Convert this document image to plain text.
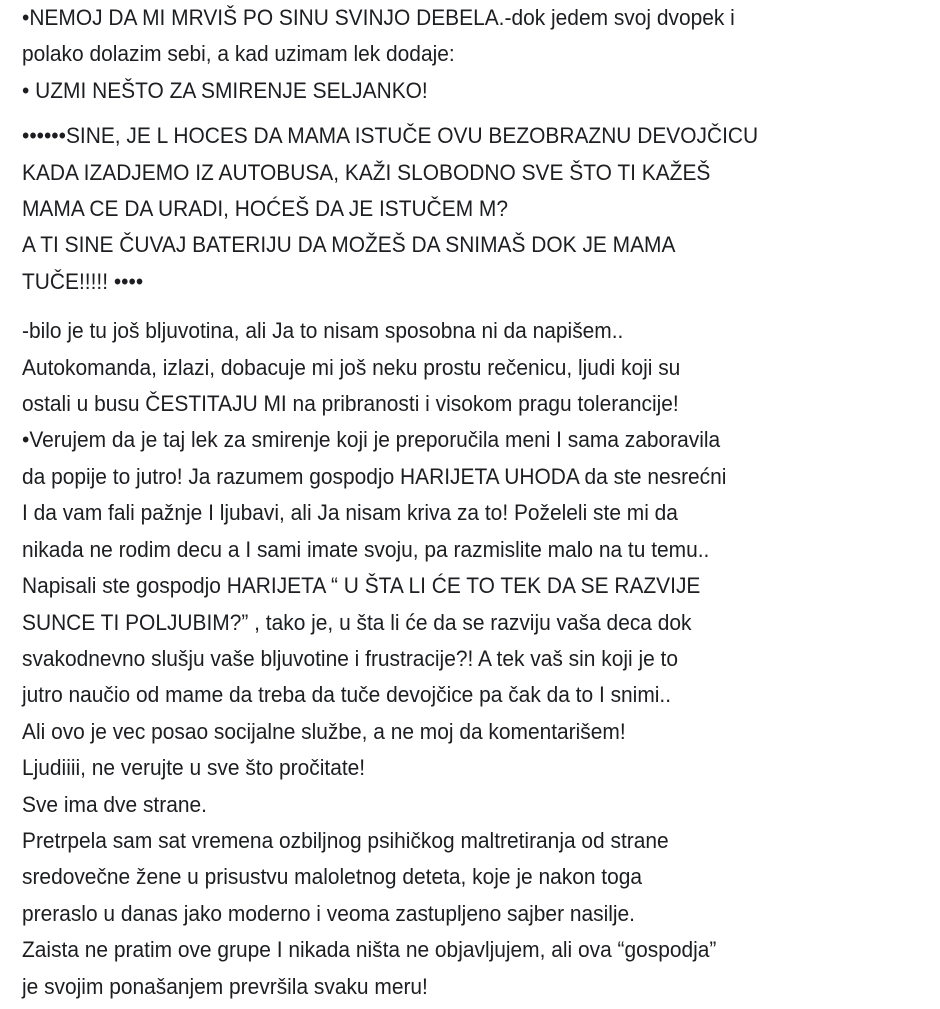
•NEMOJ DA MI MRVIŠ PO SINU SVINJO DEBELA.-dok jedem svoj dvopek i
polako dolazim sebi, a kad uzimam lek dodaje:
• UZMI NEŠTO ZA SMIRENJE SELJANKO!
••••••SINE, JE L HOCES DA MAMA ISTUČE OVU BEZOBRAZNU DEVOJČICU
KADA IZADJEMO IZ AUTOBUSA, KAŽI SLOBODNO SVE ŠTO TI KAŽEŠ
MAMA CE DA URADI, HOĆEŠ DA JE ISTUČEM M?
A TI SINE ČUVAJ BATERIJU DA MOŽEŠ DA SNIMAŠ DOK JE MAMA
TUČE!!!!! ••••
-bilo je tu još bljuvotina, ali Ja to nisam sposobna ni da napišem..
Autokomanda, izlazi, dobacuje mi još neku prostu rečenicu, ljudi koji su
ostali u busu ČESTITAJU MI na pribranosti i visokom pragu tolerancije!
•Verujem da je taj lek za smirenje koji je preporučila meni I sama zaboravila
da popije to jutro! Ja razumem gospodjo HARIJETA UHODA da ste nesrećni
I da vam fali pažnje I ljubavi, ali Ja nisam kriva za to! Poželeli ste mi da
nikada ne rodim decu a I sami imate svoju, pa razmislite malo na tu temu..
Napisali ste gospodjo HARIJETA “ U ŠTA LI ĆE TO TEK DA SE RAZVIJE
SUNCE TI POLJUBIM?” , tako je, u šta li će da se razviju vaša deca dok
svakodnevno slušju vaše bljuvotine i frustracije?! A tek vaš sin koji je to
jutro naučio od mame da treba da tuče devojčice pa čak da to I snimi..
Ali ovo je vec posao socijalne službe, a ne moj da komentarišem!
Ljudiiii, ne verujte u sve što pročitate!
Sve ima dve strane.
Pretrpela sam sat vremena ozbiljnog psihičkog maltretiranja od strane
sredovečne žene u prisustvu maloletnog deteta, koje je nakon toga
preraslo u danas jako moderno i veoma zastupljeno sajber nasilje.
Zaista ne pratim ove grupe I nikada ništa ne objavljujem, ali ova “gospodja”
je svojim ponašanjem prevršila svaku meru!
